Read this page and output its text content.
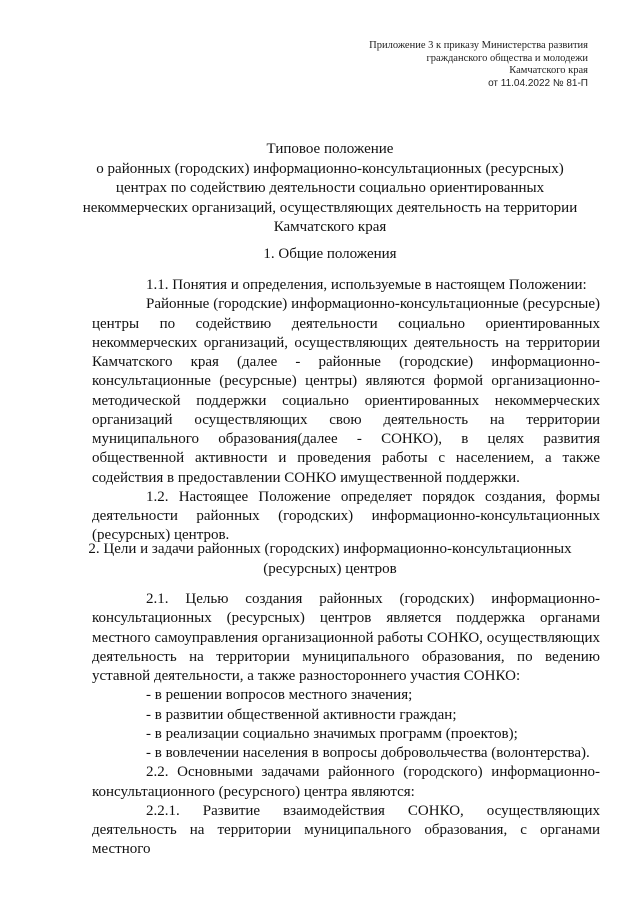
Приложение 3 к приказу Министерства развития
гражданского общества и молодежи
Камчатского края
от 11.04.2022 № 81-П
Типовое положение
о районных (городских) информационно-консультационных (ресурсных)
центрах по содействию деятельности социально ориентированных
некоммерческих организаций, осуществляющих деятельность на территории
Камчатского края
1. Общие положения

1.1. Понятия и определения, используемые в настоящем Положении:

Районные (городские) информационно-консультационные (ресурсные) центры по содействию деятельности социально ориентированных некоммерческих организаций, осуществляющих деятельность на территории Камчатского края (далее - районные (городские) информационно-консультационные (ресурсные) центры) являются формой организационно-методической поддержки социально ориентированных некоммерческих организаций осуществляющих свою деятельность на территории муниципального образования(далее - СОНКО), в целях развития общественной активности и проведения работы с населением, а также содействия в предоставлении СОНКО имущественной поддержки.

1.2. Настоящее Положение определяет порядок создания, формы деятельности районных (городских) информационно-консультационных (ресурсных) центров.

2. Цели и задачи районных (городских) информационно-консультационных
(ресурсных) центров

2.1. Целью создания районных (городских) информационно-консультационных (ресурсных) центров является поддержка органами местного самоуправления организационной работы СОНКО, осуществляющих деятельность на территории муниципального образования, по ведению уставной деятельности, а также разностороннего участия СОНКО:

- в решении вопросов местного значения;
- в развитии общественной активности граждан;
- в реализации социально значимых программ (проектов);
- в вовлечении населения в вопросы добровольчества (волонтерства).

2.2. Основными задачами районного (городского) информационно-консультационного (ресурсного) центра являются:

2.2.1. Развитие взаимодействия СОНКО, осуществляющих деятельность на территории муниципального образования, с органами местного
